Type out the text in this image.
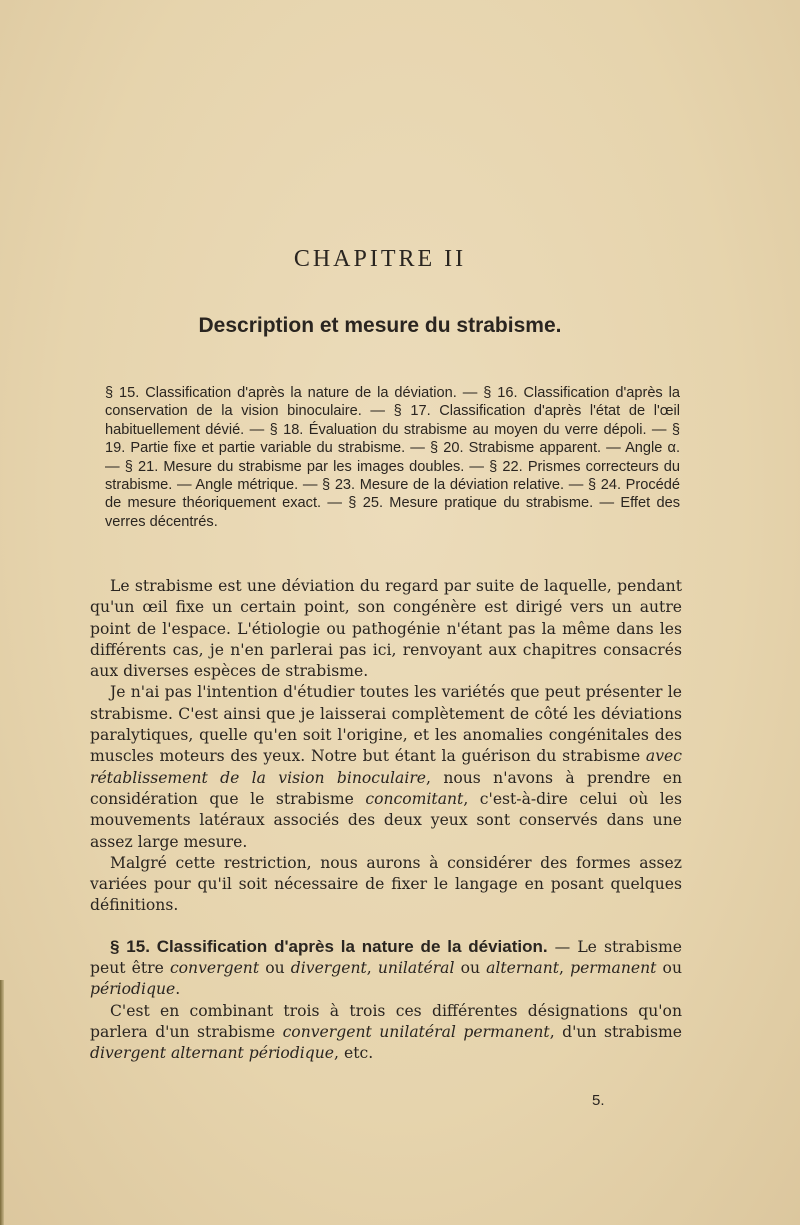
CHAPITRE II
Description et mesure du strabisme.
§ 15. Classification d'après la nature de la déviation. — § 16. Classification d'après la conservation de la vision binoculaire. — § 17. Classification d'après l'état de l'œil habituellement dévié. — § 18. Évaluation du strabisme au moyen du verre dépoli. — § 19. Partie fixe et partie variable du strabisme. — § 20. Strabisme apparent. — Angle α. — § 21. Mesure du strabisme par les images doubles. — § 22. Prismes correcteurs du strabisme. — Angle métrique. — § 23. Mesure de la déviation relative. — § 24. Procédé de mesure théoriquement exact. — § 25. Mesure pratique du strabisme. — Effet des verres décentrés.

Le strabisme est une déviation du regard par suite de laquelle, pendant qu'un œil fixe un certain point, son congénère est dirigé vers un autre point de l'espace. L'étiologie ou pathogénie n'étant pas la même dans les différents cas, je n'en parlerai pas ici, renvoyant aux chapitres consacrés aux diverses espèces de strabisme.

Je n'ai pas l'intention d'étudier toutes les variétés que peut présenter le strabisme. C'est ainsi que je laisserai complètement de côté les déviations paralytiques, quelle qu'en soit l'origine, et les anomalies congénitales des muscles moteurs des yeux. Notre but étant la guérison du strabisme avec rétablissement de la vision binoculaire, nous n'avons à prendre en considération que le strabisme concomitant, c'est-à-dire celui où les mouvements latéraux associés des deux yeux sont conservés dans une assez large mesure.

Malgré cette restriction, nous aurons à considérer des formes assez variées pour qu'il soit nécessaire de fixer le langage en posant quelques définitions.

§ 15. Classification d'après la nature de la déviation. — Le strabisme peut être convergent ou divergent, unilatéral ou alternant, permanent ou périodique.

C'est en combinant trois à trois ces différentes désignations qu'on parlera d'un strabisme convergent unilatéral permanent, d'un strabisme divergent alternant périodique, etc.

5.
